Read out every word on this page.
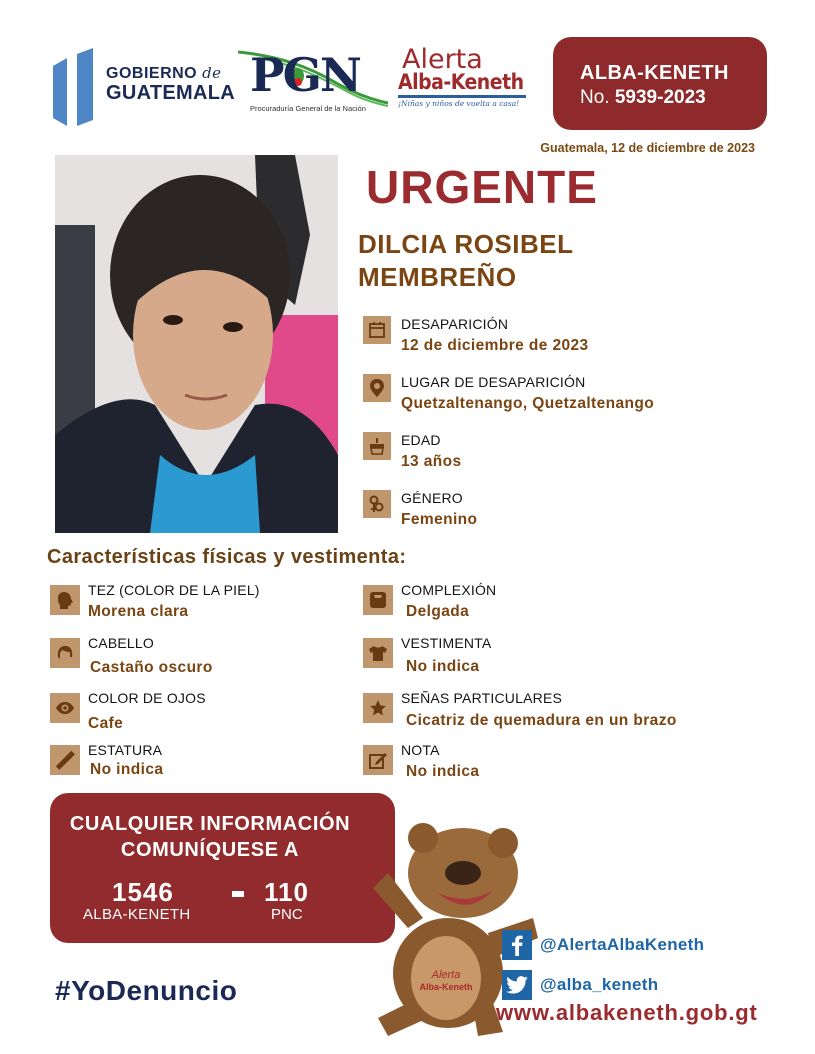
GOBIERNO de
GUATEMALA PGN
Procuraduría General de la Nación
Alerta
Alba-Keneth
¡Niñas y niños de vuelta a casa!
ALBA-KENETH
No. 5939-2023
Guatemala, 12 de diciembre de 2023
URGENTE
DILCIA ROSIBEL
MEMBREÑO
DESAPARICIÓN
12 de diciembre de 2023
LUGAR DE DESAPARICIÓN
Quetzaltenango, Quetzaltenango
EDAD
13 años
GÉNERO
Femenino
Características físicas y vestimenta:
TEZ (COLOR DE LA PIEL)
Morena clara
CABELLO
Castaño oscuro
COLOR DE OJOS
Cafe
ESTATURA
No indica
COMPLEXIÓN
Delgada
VESTIMENTA
No indica
SEÑAS PARTICULARES
Cicatriz de quemadura en un brazo
NOTA
No indica
CUALQUIER INFORMACIÓN
COMUNÍQUESE A
1546
ALBA-KENETH
110
PNC
Alerta
Alba-Keneth
@AlertaAlbaKeneth
@alba_keneth
www.albakeneth.gob.gt
#YoDenuncio
